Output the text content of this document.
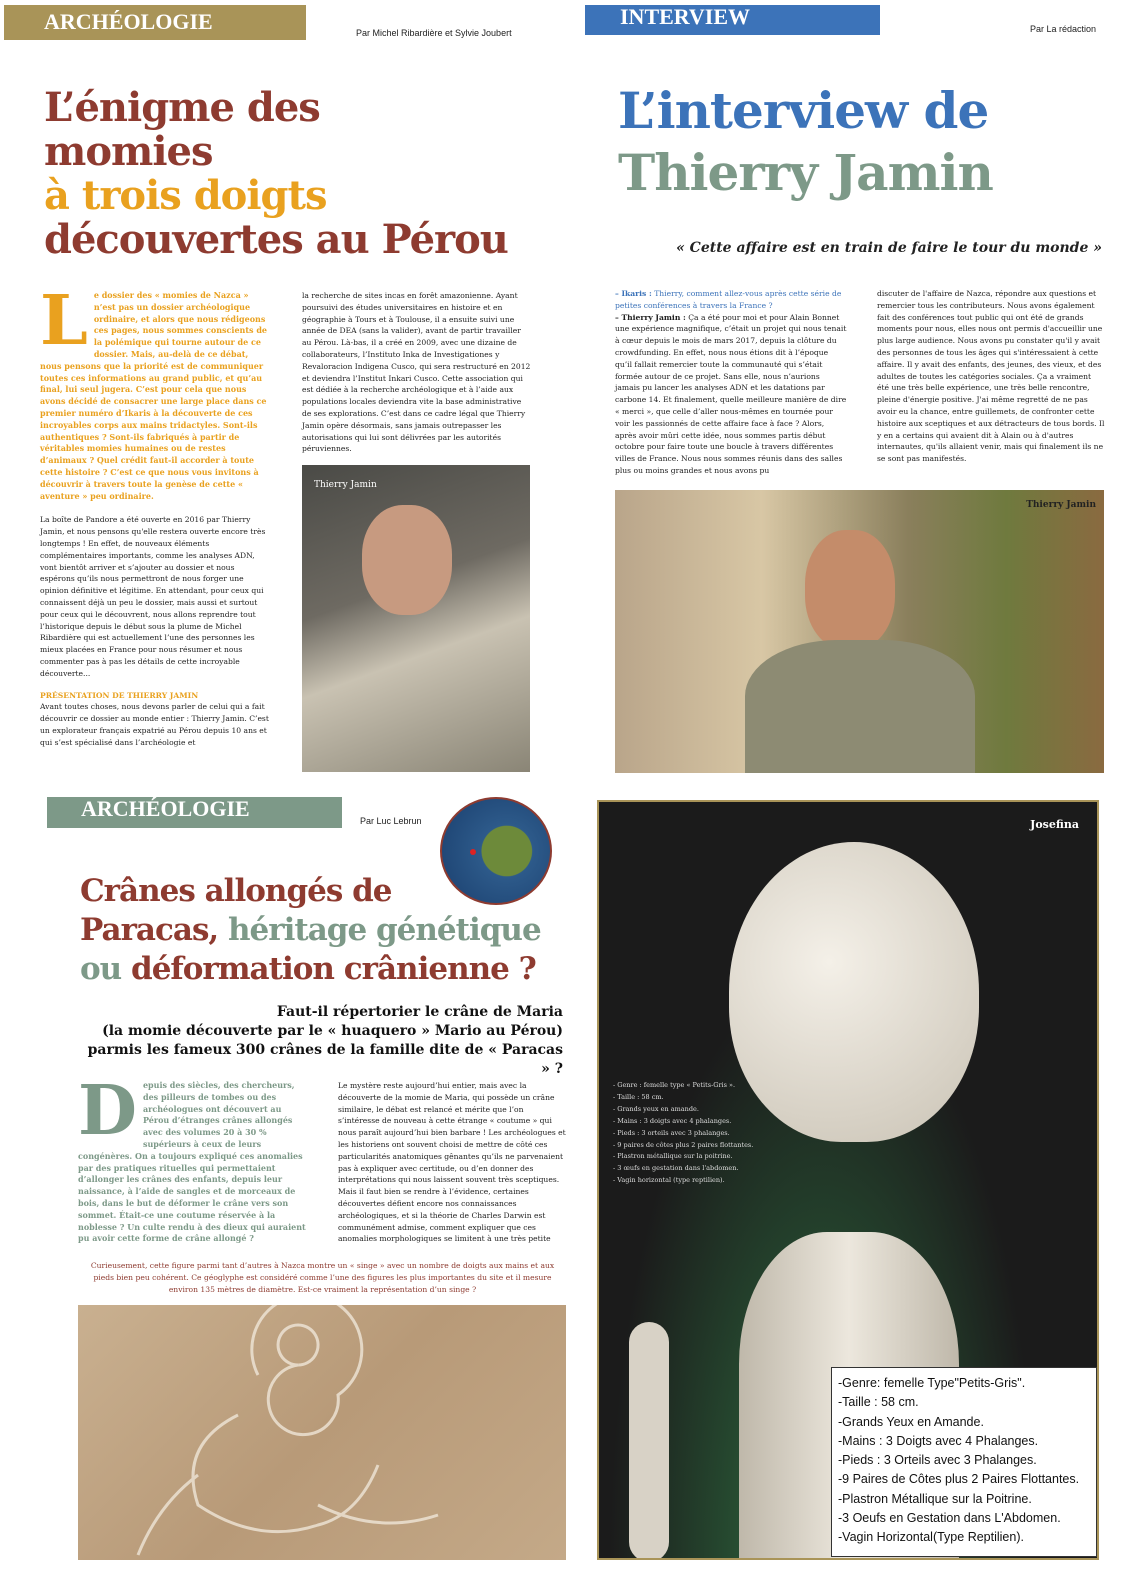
ARCHÉOLOGIE	Par Michel Ribardière et Sylvie Joubert
L’énigme des
momies
à trois doigts
découvertes au Pérou
Le dossier des « momies de Nazca » n’est pas un dossier archéologique ordinaire, et alors que nous rédigeons ces pages, nous sommes conscients de la polémique qui tourne autour de ce dossier. Mais, au-delà de ce débat, nous pensons que la priorité est de communiquer toutes ces informations au grand public, et qu’au final, lui seul jugera. C’est pour cela que nous avons décidé de consacrer une large place dans ce premier numéro d’Ikaris à la découverte de ces incroyables corps aux mains tridactyles. Sont-ils authentiques ? Sont-ils fabriqués à partir de véritables momies humaines ou de restes d’animaux ? Quel crédit faut-il accorder à toute cette histoire ? C’est ce que nous vous invitons à découvrir à travers toute la genèse de cette « aventure » peu ordinaire.

La boîte de Pandore a été ouverte en 2016 par Thierry Jamin, et nous pensons qu'elle restera ouverte encore très longtemps ! En effet, de nouveaux éléments complémentaires importants, comme les analyses ADN, vont bientôt arriver et s’ajouter au dossier et nous espérons qu’ils nous permettront de nous forger une opinion définitive et légitime. En attendant, pour ceux qui connaissent déjà un peu le dossier, mais aussi et surtout pour ceux qui le découvrent, nous allons reprendre tout l’historique depuis le début sous la plume de Michel Ribardière qui est actuellement l’une des personnes les mieux placées en France pour nous résumer et nous commenter pas à pas les détails de cette incroyable découverte...

PRÉSENTATION DE THIERRY JAMIN

Avant toutes choses, nous devons parler de celui qui a fait découvrir ce dossier au monde entier : Thierry Jamin. C’est un explorateur français expatrié au Pérou depuis 10 ans et qui s’est spécialisé dans l’archéologie et

la recherche de sites incas en forêt amazonienne. Ayant poursuivi des études universitaires en histoire et en géographie à Tours et à Toulouse, il a ensuite suivi une année de DEA (sans la valider), avant de partir travailler au Pérou. Là-bas, il a créé en 2009, avec une dizaine de collaborateurs, l’Instituto Inka de Investigationes y Revaloracion Indigena Cusco, qui sera restructuré en 2012 et deviendra l’Institut Inkari Cusco. Cette association qui est dédiée à la recherche archéologique et à l’aide aux populations locales deviendra vite la base administrative de ses explorations. C’est dans ce cadre légal que Thierry Jamin opère désormais, sans jamais outrepasser les autorisations qui lui sont délivrées par les autorités péruviennes.

Thierry Jamin
INTERVIEW	Par La rédaction
L’interview de
Thierry Jamin
« Cette affaire est en train de faire le tour du monde »

– Ikaris : Thierry, comment allez-vous après cette série de petites conférences à travers la France ?

– Thierry Jamin : Ça a été pour moi et pour Alain Bonnet une expérience magnifique, c’était un projet qui nous tenait à cœur depuis le mois de mars 2017, depuis la clôture du crowdfunding. En effet, nous nous étions dit à l’époque qu’il fallait remercier toute la communauté qui s’était formée autour de ce projet. Sans elle, nous n’aurions jamais pu lancer les analyses ADN et les datations par carbone 14. Et finalement, quelle meilleure manière de dire « merci », que celle d’aller nous-mêmes en tournée pour voir les passionnés de cette affaire face à face ? Alors, après avoir mûri cette idée, nous sommes partis début octobre pour faire toute une boucle à travers différentes villes de France. Nous nous sommes réunis dans des salles plus ou moins grandes et nous avons pu

discuter de l'affaire de Nazca, répondre aux questions et remercier tous les contributeurs. Nous avons également fait des conférences tout public qui ont été de grands moments pour nous, elles nous ont permis d'accueillir une plus large audience. Nous avons pu constater qu'il y avait des personnes de tous les âges qui s'intéressaient à cette affaire. Il y avait des enfants, des jeunes, des vieux, et des adultes de toutes les catégories sociales. Ça a vraiment été une très belle expérience, une très belle rencontre, pleine d'énergie positive. J'ai même regretté de ne pas avoir eu la chance, entre guillemets, de confronter cette histoire aux sceptiques et aux détracteurs de tous bords. Il y en a certains qui avaient dit à Alain ou à d'autres internautes, qu'ils allaient venir, mais qui finalement ils ne se sont pas manifestés.

Thierry Jamin
ARCHÉOLOGIE	Par Luc Lebrun
Crânes allongés de
Paracas, héritage génétique
ou déformation crânienne ?
Faut-il répertorier le crâne de Maria
(la momie découverte par le « huaquero » Mario au Pérou)
parmis les fameux 300 crânes de la famille dite de « Paracas » ?
Depuis des siècles, des chercheurs, des pilleurs de tombes ou des archéologues ont découvert au Pérou d’étranges crânes allongés avec des volumes 20 à 30 % supérieurs à ceux de leurs congénères. On a toujours expliqué ces anomalies par des pratiques rituelles qui permettaient d’allonger les crânes des enfants, depuis leur naissance, à l’aide de sangles et de morceaux de bois, dans le but de déformer le crâne vers son sommet. Était-ce une coutume réservée à la noblesse ? Un culte rendu à des dieux qui auraient pu avoir cette forme de crâne allongé ?

Le mystère reste aujourd’hui entier, mais avec la découverte de la momie de Maria, qui possède un crâne similaire, le débat est relancé et mérite que l’on s’intéresse de nouveau à cette étrange « coutume » qui nous paraît aujourd’hui bien barbare ! Les archéologues et les historiens ont souvent choisi de mettre de côté ces particularités anatomiques gênantes qu’ils ne parvenaient pas à expliquer avec certitude, ou d’en donner des interprétations qui nous laissent souvent très sceptiques. Mais il faut bien se rendre à l’évidence, certaines découvertes défient encore nos connaissances archéologiques, et si la théorie de Charles Darwin est communément admise, comment expliquer que ces anomalies morphologiques se limitent à une très petite

Curieusement, cette figure parmi tant d’autres à Nazca montre un « singe » avec un nombre de doigts aux mains et aux pieds bien peu cohérent. Ce géoglyphe est considéré comme l’une des figures les plus importantes du site et il mesure environ 135 mètres de diamètre. Est-ce vraiment la représentation d’un singe ?
Josefina
- Genre : femelle type « Petits-Gris ».
- Taille : 58 cm.
- Grands yeux en amande.
- Mains : 3 doigts avec 4 phalanges.
- Pieds : 3 orteils avec 3 phalanges.
- 9 paires de côtes plus 2 paires flottantes.
- Plastron métallique sur la poitrine.
- 3 œufs en gestation dans l'abdomen.
- Vagin horizontal (type reptilien).
-Genre: femelle Type"Petits-Gris".
-Taille : 58 cm.
-Grands Yeux en Amande.
-Mains : 3 Doigts avec 4 Phalanges.
-Pieds : 3 Orteils avec 3 Phalanges.
-9 Paires de Côtes plus 2 Paires Flottantes.
-Plastron Métallique sur la Poitrine.
-3 Oeufs en Gestation dans L'Abdomen.
-Vagin Horizontal(Type Reptilien).
